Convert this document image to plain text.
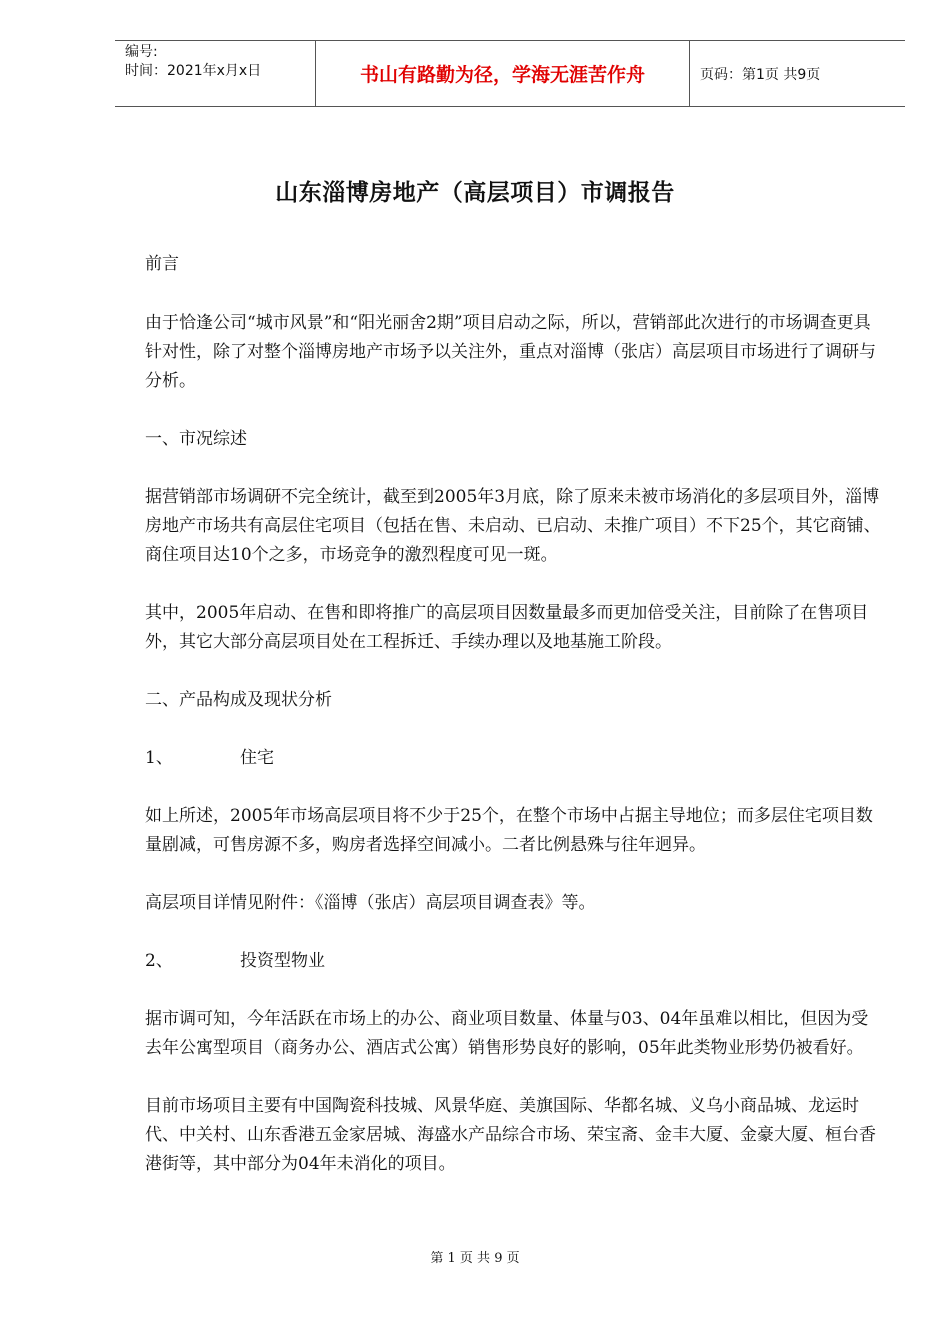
编号:
时间：2021年x月x日	书山有路勤为径，学海无涯苦作舟	页码：第1页 共9页
山东淄博房地产（高层项目）市调报告

前言

由于恰逢公司“城市风景”和“阳光丽舍2期”项目启动之际，所以，营销部此次进行的市场调查更具针对性，除了对整个淄博房地产市场予以关注外，重点对淄博（张店）高层项目市场进行了调研与分析。

一、市况综述

据营销部市场调研不完全统计，截至到2005年3月底，除了原来未被市场消化的多层项目外，淄博房地产市场共有高层住宅项目（包括在售、未启动、已启动、未推广项目）不下25个，其它商铺、商住项目达10个之多，市场竞争的激烈程度可见一斑。

其中，2005年启动、在售和即将推广的高层项目因数量最多而更加倍受关注，目前除了在售项目外，其它大部分高层项目处在工程拆迁、手续办理以及地基施工阶段。

二、产品构成及现状分析

1、	住宅

如上所述，2005年市场高层项目将不少于25个，在整个市场中占据主导地位；而多层住宅项目数量剧减，可售房源不多，购房者选择空间减小。二者比例悬殊与往年迥异。

高层项目详情见附件：《淄博（张店）高层项目调查表》等。

2、	投资型物业

据市调可知，今年活跃在市场上的办公、商业项目数量、体量与03、04年虽难以相比，但因为受去年公寓型项目（商务办公、酒店式公寓）销售形势良好的影响，05年此类物业形势仍被看好。

目前市场项目主要有中国陶瓷科技城、风景华庭、美旗国际、华都名城、义乌小商品城、龙运时代、中关村、山东香港五金家居城、海盛水产品综合市场、荣宝斋、金丰大厦、金豪大厦、桓台香港街等，其中部分为04年未消化的项目。

第 1 页 共 9 页
